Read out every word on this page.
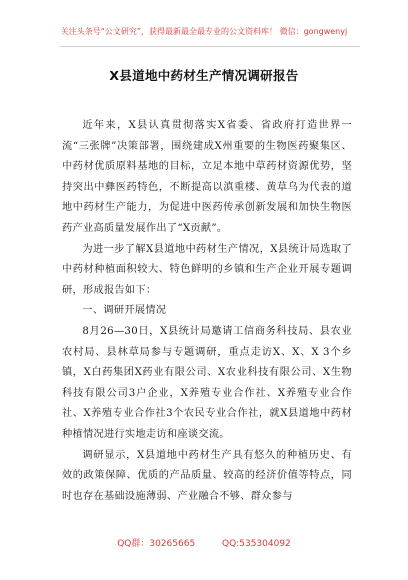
关注头条号“公文研究”，获得最新最全最专业的公文资料库！ 微信：gongwenyj
X县道地中药材生产情况调研报告

近年来，X县认真贯彻落实X省委、省政府打造世界一流“三张牌”决策部署，围绕建成X州重要的生物医药聚集区、中药材优质原料基地的目标，立足本地中草药材资源优势，坚持突出中彝医药特色，不断提高以滇重楼、黄草乌为代表的道地中药材生产能力，为促进中医药传承创新发展和加快生物医药产业高质量发展作出了“X贡献”。

为进一步了解X县道地中药材生产情况，X县统计局选取了中药材种植面积较大、特色鲜明的乡镇和生产企业开展专题调研，形成报告如下：

一、调研开展情况

8月26—30日，X县统计局邀请工信商务科技局、县农业农村局、县林草局参与专题调研，重点走访X、X、X 3个乡镇，X白药集团X药业有限公司、X农业科技有限公司、X生物科技有限公司3户企业，X养殖专业合作社、X养殖专业合作社、X养殖专业合作社3个农民专业合作社，就X县道地中药材种植情况进行实地走访和座谈交流。

调研显示，X县道地中药材生产具有悠久的种植历史、有效的政策保障、优质的产品质量、较高的经济价值等特点，同时也存在基础设施薄弱、产业融合不够、群众参与

QQ群：30265665	QQ:535304092
